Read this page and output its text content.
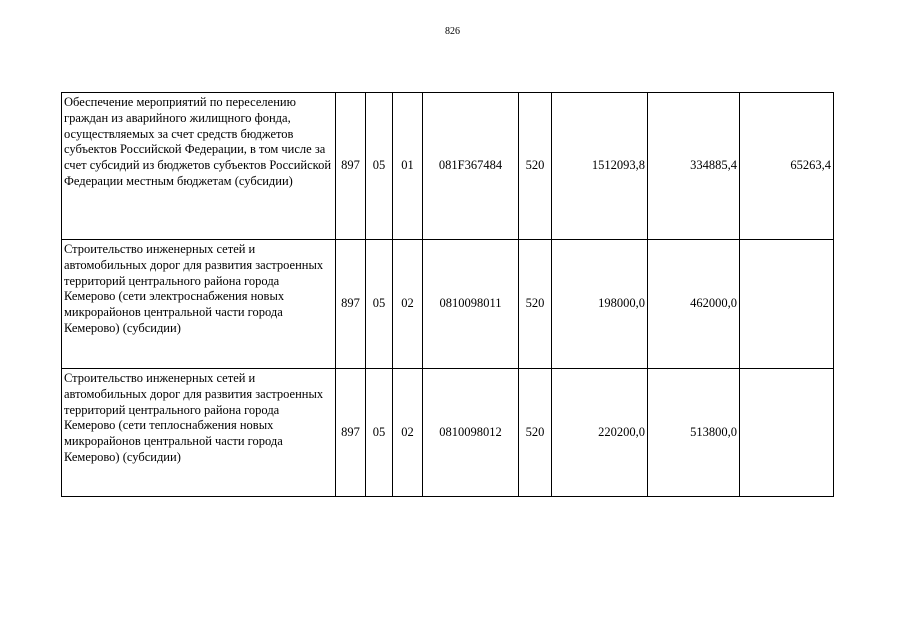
826
Обеспечение мероприятий по переселению граждан из аварийного жилищного фонда, осуществляемых за счет средств бюджетов субъектов Российской Федерации, в том числе за счет субсидий из бюджетов субъектов Российской Федерации местным бюджетам (субсидии)	897	05	01	081F367484	520	1512093,8	334885,4	65263,4
Строительство инженерных сетей и автомобильных дорог для развития застроенных территорий центрального района города Кемерово (сети электроснабжения новых микрорайонов центральной части города Кемерово) (субсидии)	897	05	02	0810098011	520	198000,0	462000,0	
Строительство инженерных сетей и автомобильных дорог для развития застроенных территорий центрального района города Кемерово (сети теплоснабжения новых микрорайонов центральной части города Кемерово) (субсидии)	897	05	02	0810098012	520	220200,0	513800,0	
